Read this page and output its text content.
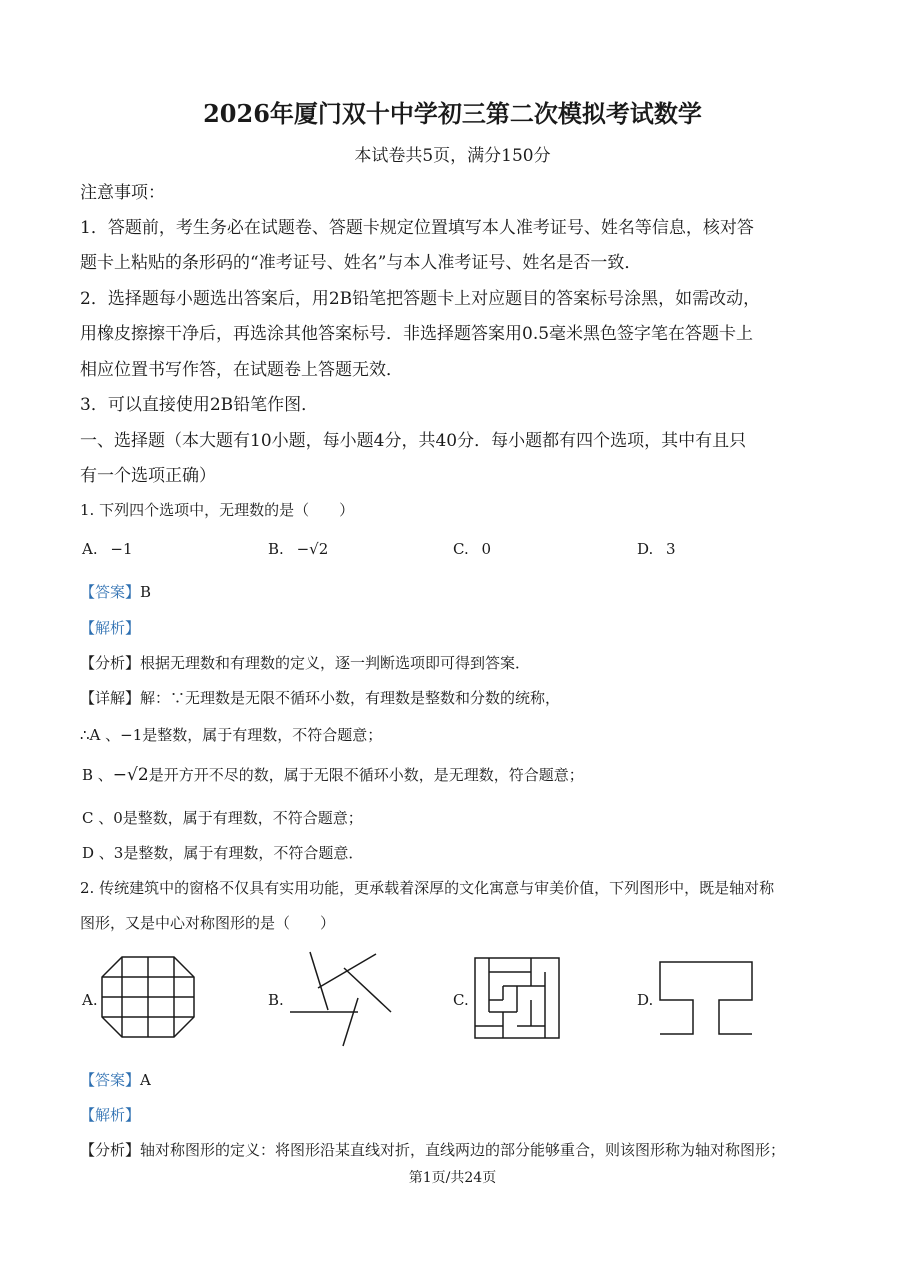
2026年厦门双十中学初三第二次模拟考试数学
本试卷共5页，满分150分
注意事项：
1．答题前，考生务必在试题卷、答题卡规定位置填写本人准考证号、姓名等信息，核对答
题卡上粘贴的条形码的“准考证号、姓名”与本人准考证号、姓名是否一致．
2．选择题每小题选出答案后，用2B铅笔把答题卡上对应题目的答案标号涂黑，如需改动，
用橡皮擦擦干净后，再选涂其他答案标号．非选择题答案用0.5毫米黑色签字笔在答题卡上
相应位置书写作答，在试题卷上答题无效．
3．可以直接使用2B铅笔作图．
一、选择题（本大题有10小题，每小题4分，共40分．每小题都有四个选项，其中有且只
有一个选项正确）
1. 下列四个选项中，无理数的是（　　）
A. −1	B. −√2	C. 0	D. 3
【答案】B
【解析】
【分析】根据无理数和有理数的定义，逐一判断选项即可得到答案．
【详解】解：∵无理数是无限不循环小数，有理数是整数和分数的统称，
∴A 、−1是整数，属于有理数，不符合题意；
B 、−√2是开方开不尽的数，属于无限不循环小数，是无理数，符合题意；
C 、0是整数，属于有理数，不符合题意；
D 、3是整数，属于有理数，不符合题意．
2. 传统建筑中的窗格不仅具有实用功能，更承载着深厚的文化寓意与审美价值，下列图形中，既是轴对称
图形，又是中心对称图形的是（　　）
A.	B.	C.	D.
【答案】A
【解析】
【分析】轴对称图形的定义：将图形沿某直线对折，直线两边的部分能够重合，则该图形称为轴对称图形；
第1页/共24页
